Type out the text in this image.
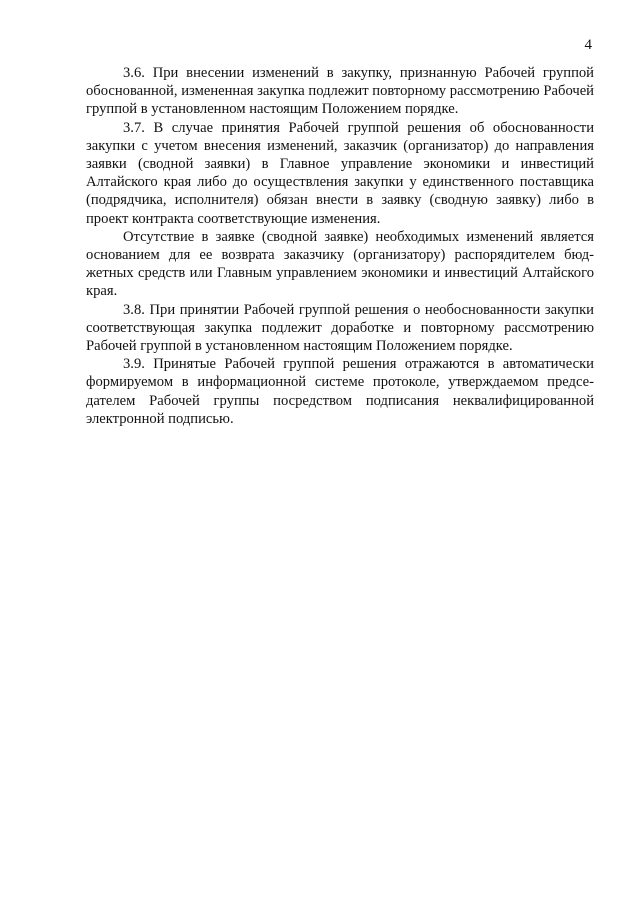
4

3.6. При внесении изменений в закупку, признанную Рабочей группой обоснованной, измененная закупка подлежит повторному рассмотрению Рабочей группой в установленном настоящим Положением порядке.

3.7. В случае принятия Рабочей группой решения об обоснованности закупки с учетом внесения изменений, заказчик (организатор) до направления заявки (сводной заявки) в Главное управление экономики и инвестиций Алтайского края либо до осуществления закупки у единственного поставщика (подрядчика, исполнителя) обязан внести в заявку (сводную заявку) либо в проект контракта соответствующие изменения.

Отсутствие в заявке (сводной заявке) необходимых изменений является основанием для ее возврата заказчику (организатору) распорядителем бюджетных средств или Главным управлением экономики и инвестиций Алтайского края.

3.8. При принятии Рабочей группой решения о необоснованности закупки соответствующая закупка подлежит доработке и повторному рассмотрению Рабочей группой в установленном настоящим Положением порядке.

3.9. Принятые Рабочей группой решения отражаются в автоматически формируемом в информационной системе протоколе, утверждаемом председателем Рабочей группы посредством подписания неквалифицированной электронной подписью.
